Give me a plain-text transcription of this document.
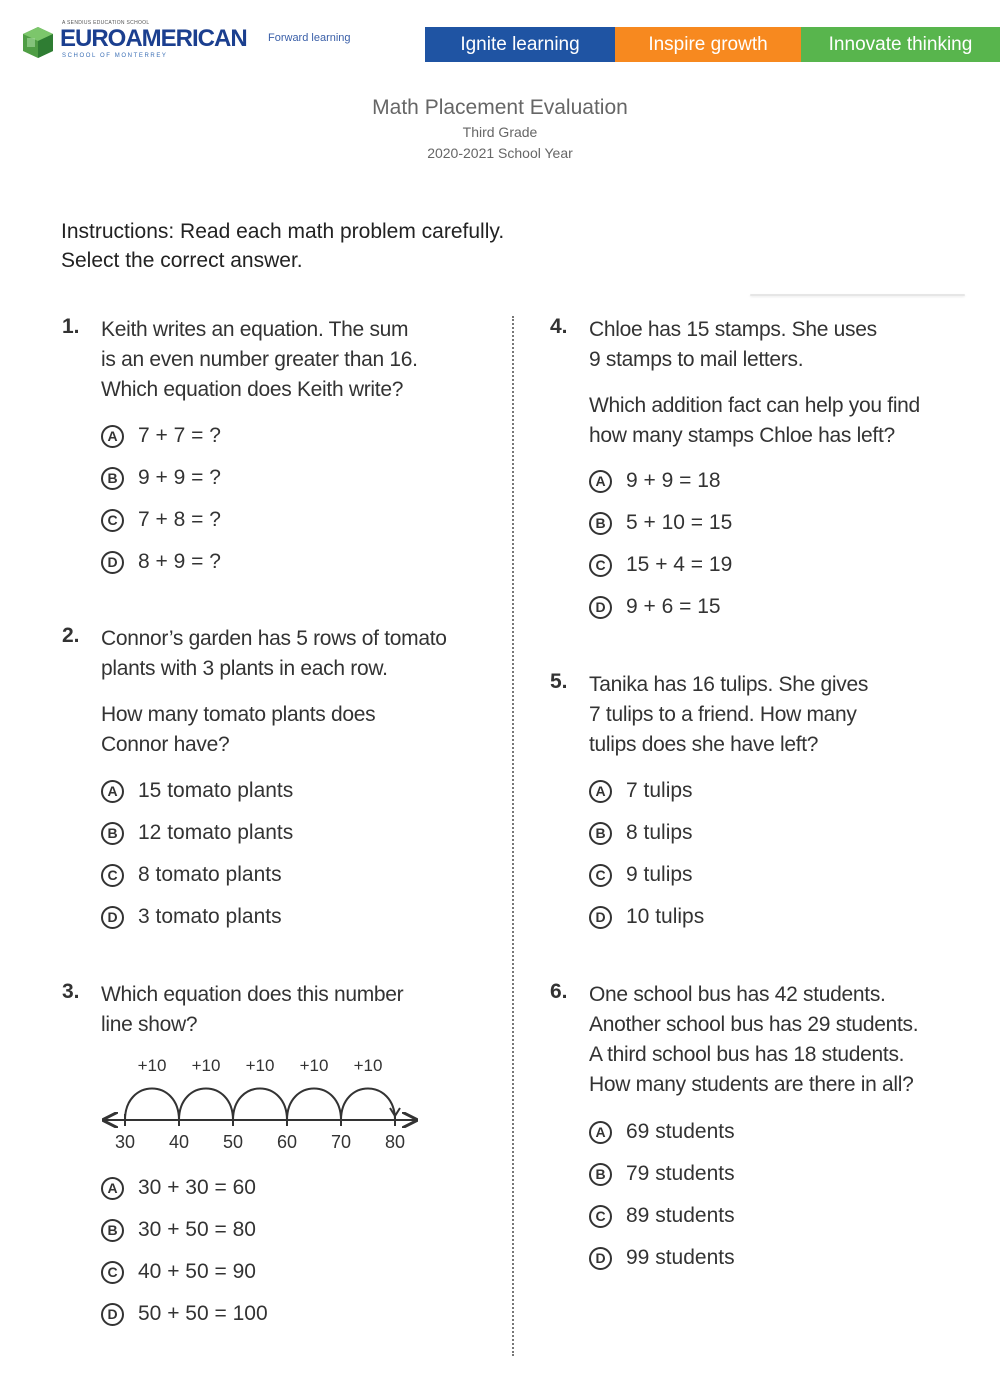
A SENDIUS EDUCATION SCHOOL
EUROAMERICAN
SCHOOL OF MONTERREY
Forward learning	Ignite learning	Inspire growth	Innovate thinking
Math Placement Evaluation
Third Grade
2020-2021 School Year
Instructions: Read each math problem carefully.
Select the correct answer.
1. Keith writes an equation. The sum

is an even number greater than 16.

Which equation does Keith write?

A 7 + 7 = ?
B 9 + 9 = ?
C 7 + 8 = ?
D 8 + 9 = ?
2. Connor’s garden has 5 rows of tomato

plants with 3 plants in each row.

How many tomato plants does

Connor have?

A 15 tomato plants
B 12 tomato plants
C 8 tomato plants
D 3 tomato plants
3. Which equation does this number

line show?

A 30 + 30 = 60
B 30 + 50 = 80
C 40 + 50 = 90
D 50 + 50 = 100
30 40 50 60 70 80
+10 +10 +10 +10 +10
4. Chloe has 15 stamps. She uses

9 stamps to mail letters.

Which addition fact can help you find

how many stamps Chloe has left?

A 9 + 9 = 18
B 5 + 10 = 15
C 15 + 4 = 19
D 9 + 6 = 15
5. Tanika has 16 tulips. She gives

7 tulips to a friend. How many

tulips does she have left?

A 7 tulips
B 8 tulips
C 9 tulips
D 10 tulips
6. One school bus has 42 students.

Another school bus has 29 students.

A third school bus has 18 students.

How many students are there in all?

A 69 students
B 79 students
C 89 students
D 99 students
